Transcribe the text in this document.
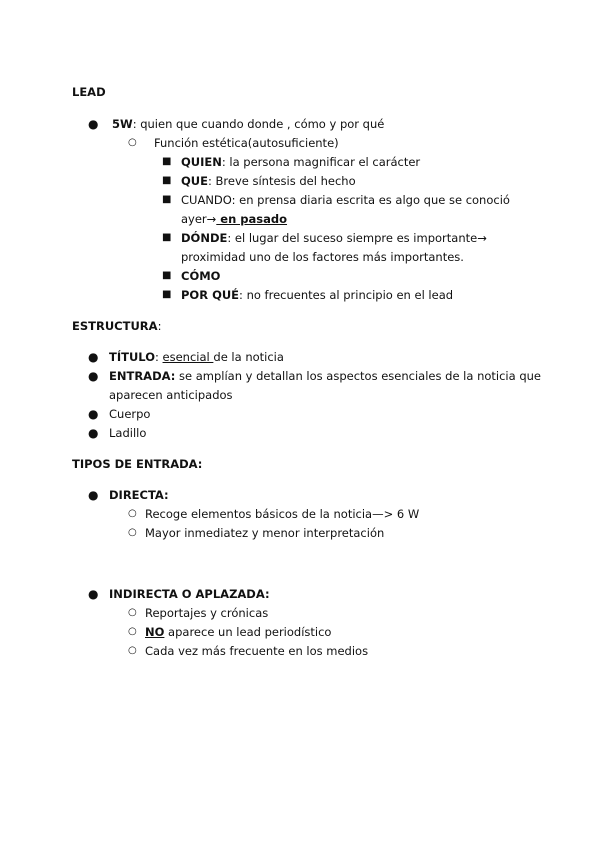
LEAD
● 5W: quien que cuando donde , cómo y por qué
○ Función estética(autosuficiente)
■ QUIEN: la persona magnificar el carácter
■ QUE: Breve síntesis del hecho
■ CUANDO: en prensa diaria escrita es algo que se conoció
ayer→ en pasado
■ DÓNDE: el lugar del suceso siempre es importante→
proximidad uno de los factores más importantes.
■ CÓMO
■ POR QUÉ: no frecuentes al principio en el lead
ESTRUCTURA:
● TÍTULO: esencial de la noticia
● ENTRADA: se amplían y detallan los aspectos esenciales de la noticia que
aparecen anticipados
● Cuerpo
● Ladillo
TIPOS DE ENTRADA:
● DIRECTA:
○ Recoge elementos básicos de la noticia—> 6 W
○ Mayor inmediatez y menor interpretación
● INDIRECTA O APLAZADA:
○ Reportajes y crónicas
○ NO aparece un lead periodístico
○ Cada vez más frecuente en los medios
